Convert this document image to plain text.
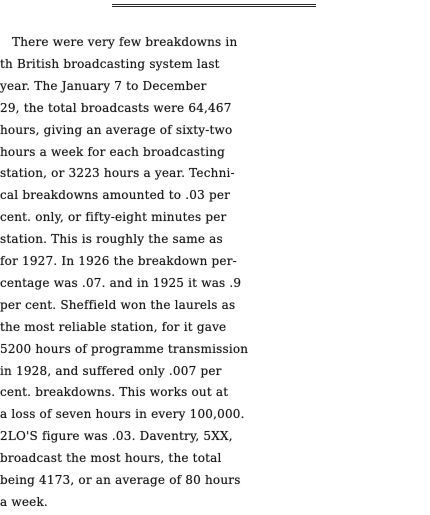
There were very few breakdowns in

th British broadcasting system last

year. The January 7 to December

29, the total broadcasts were 64,467

hours, giving an average of sixty-two

hours a week for each broadcasting

station, or 3223 hours a year. Techni-

cal breakdowns amounted to .03 per

cent. only, or fifty-eight minutes per

station. This is roughly the same as

for 1927. In 1926 the breakdown per-

centage was .07. and in 1925 it was .9

per cent. Sheffield won the laurels as

the most reliable station, for it gave

5200 hours of programme transmission

in 1928, and suffered only .007 per

cent. breakdowns. This works out at

a loss of seven hours in every 100,000.

2LO'S figure was .03. Daventry, 5XX,

broadcast the most hours, the total

being 4173, or an average of 80 hours

a week.
